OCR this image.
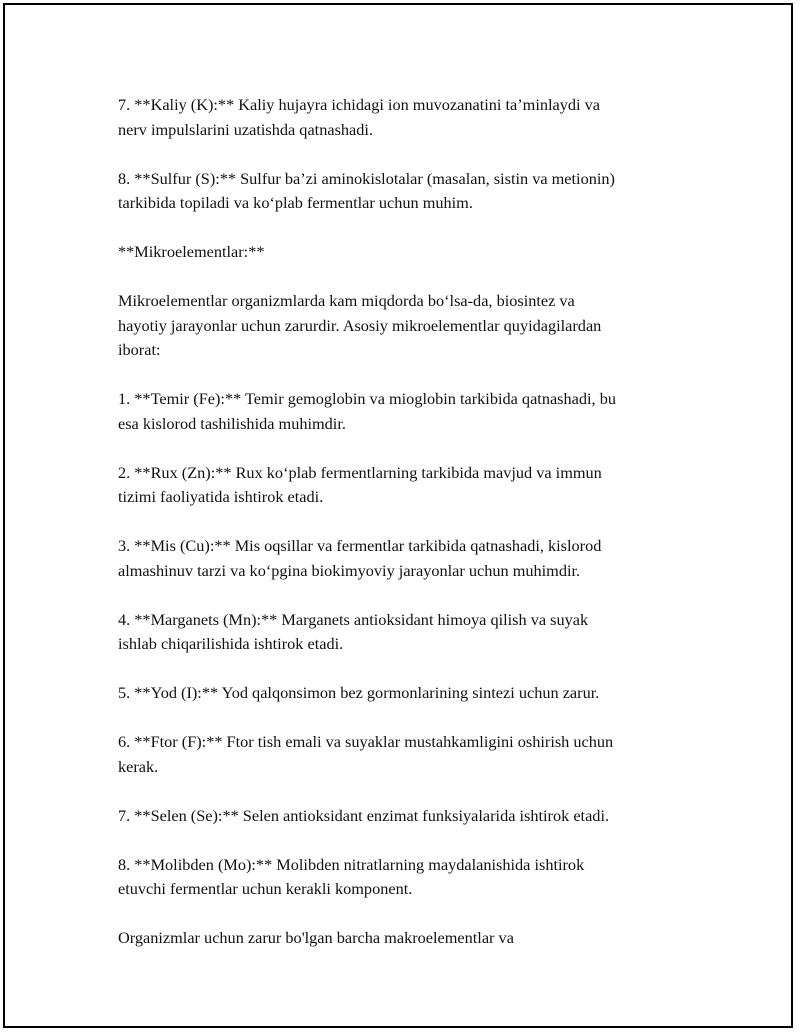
7. **Kaliy (K):** Kaliy hujayra ichidagi ion muvozanatini ta’minlaydi va
nerv impulslarini uzatishda qatnashadi.

8. **Sulfur (S):** Sulfur ba’zi aminokislotalar (masalan, sistin va metionin)
tarkibida topiladi va ko‘plab fermentlar uchun muhim.

**Mikroelementlar:**

Mikroelementlar organizmlarda kam miqdorda bo‘lsa-da, biosintez va
hayotiy jarayonlar uchun zarurdir. Asosiy mikroelementlar quyidagilardan
iborat:

1. **Temir (Fe):** Temir gemoglobin va mioglobin tarkibida qatnashadi, bu
esa kislorod tashilishida muhimdir.

2. **Rux (Zn):** Rux ko‘plab fermentlarning tarkibida mavjud va immun
tizimi faoliyatida ishtirok etadi.

3. **Mis (Cu):** Mis oqsillar va fermentlar tarkibida qatnashadi, kislorod
almashinuv tarzi va ko‘pgina biokimyoviy jarayonlar uchun muhimdir.

4. **Marganets (Mn):** Marganets antioksidant himoya qilish va suyak
ishlab chiqarilishida ishtirok etadi.

5. **Yod (I):** Yod qalqonsimon bez gormonlarining sintezi uchun zarur.

6. **Ftor (F):** Ftor tish emali va suyaklar mustahkamligini oshirish uchun
kerak.

7. **Selen (Se):** Selen antioksidant enzimat funksiyalarida ishtirok etadi.

8. **Molibden (Mo):** Molibden nitratlarning maydalanishida ishtirok
etuvchi fermentlar uchun kerakli komponent.

Organizmlar uchun zarur bo'lgan barcha makroelementlar va
